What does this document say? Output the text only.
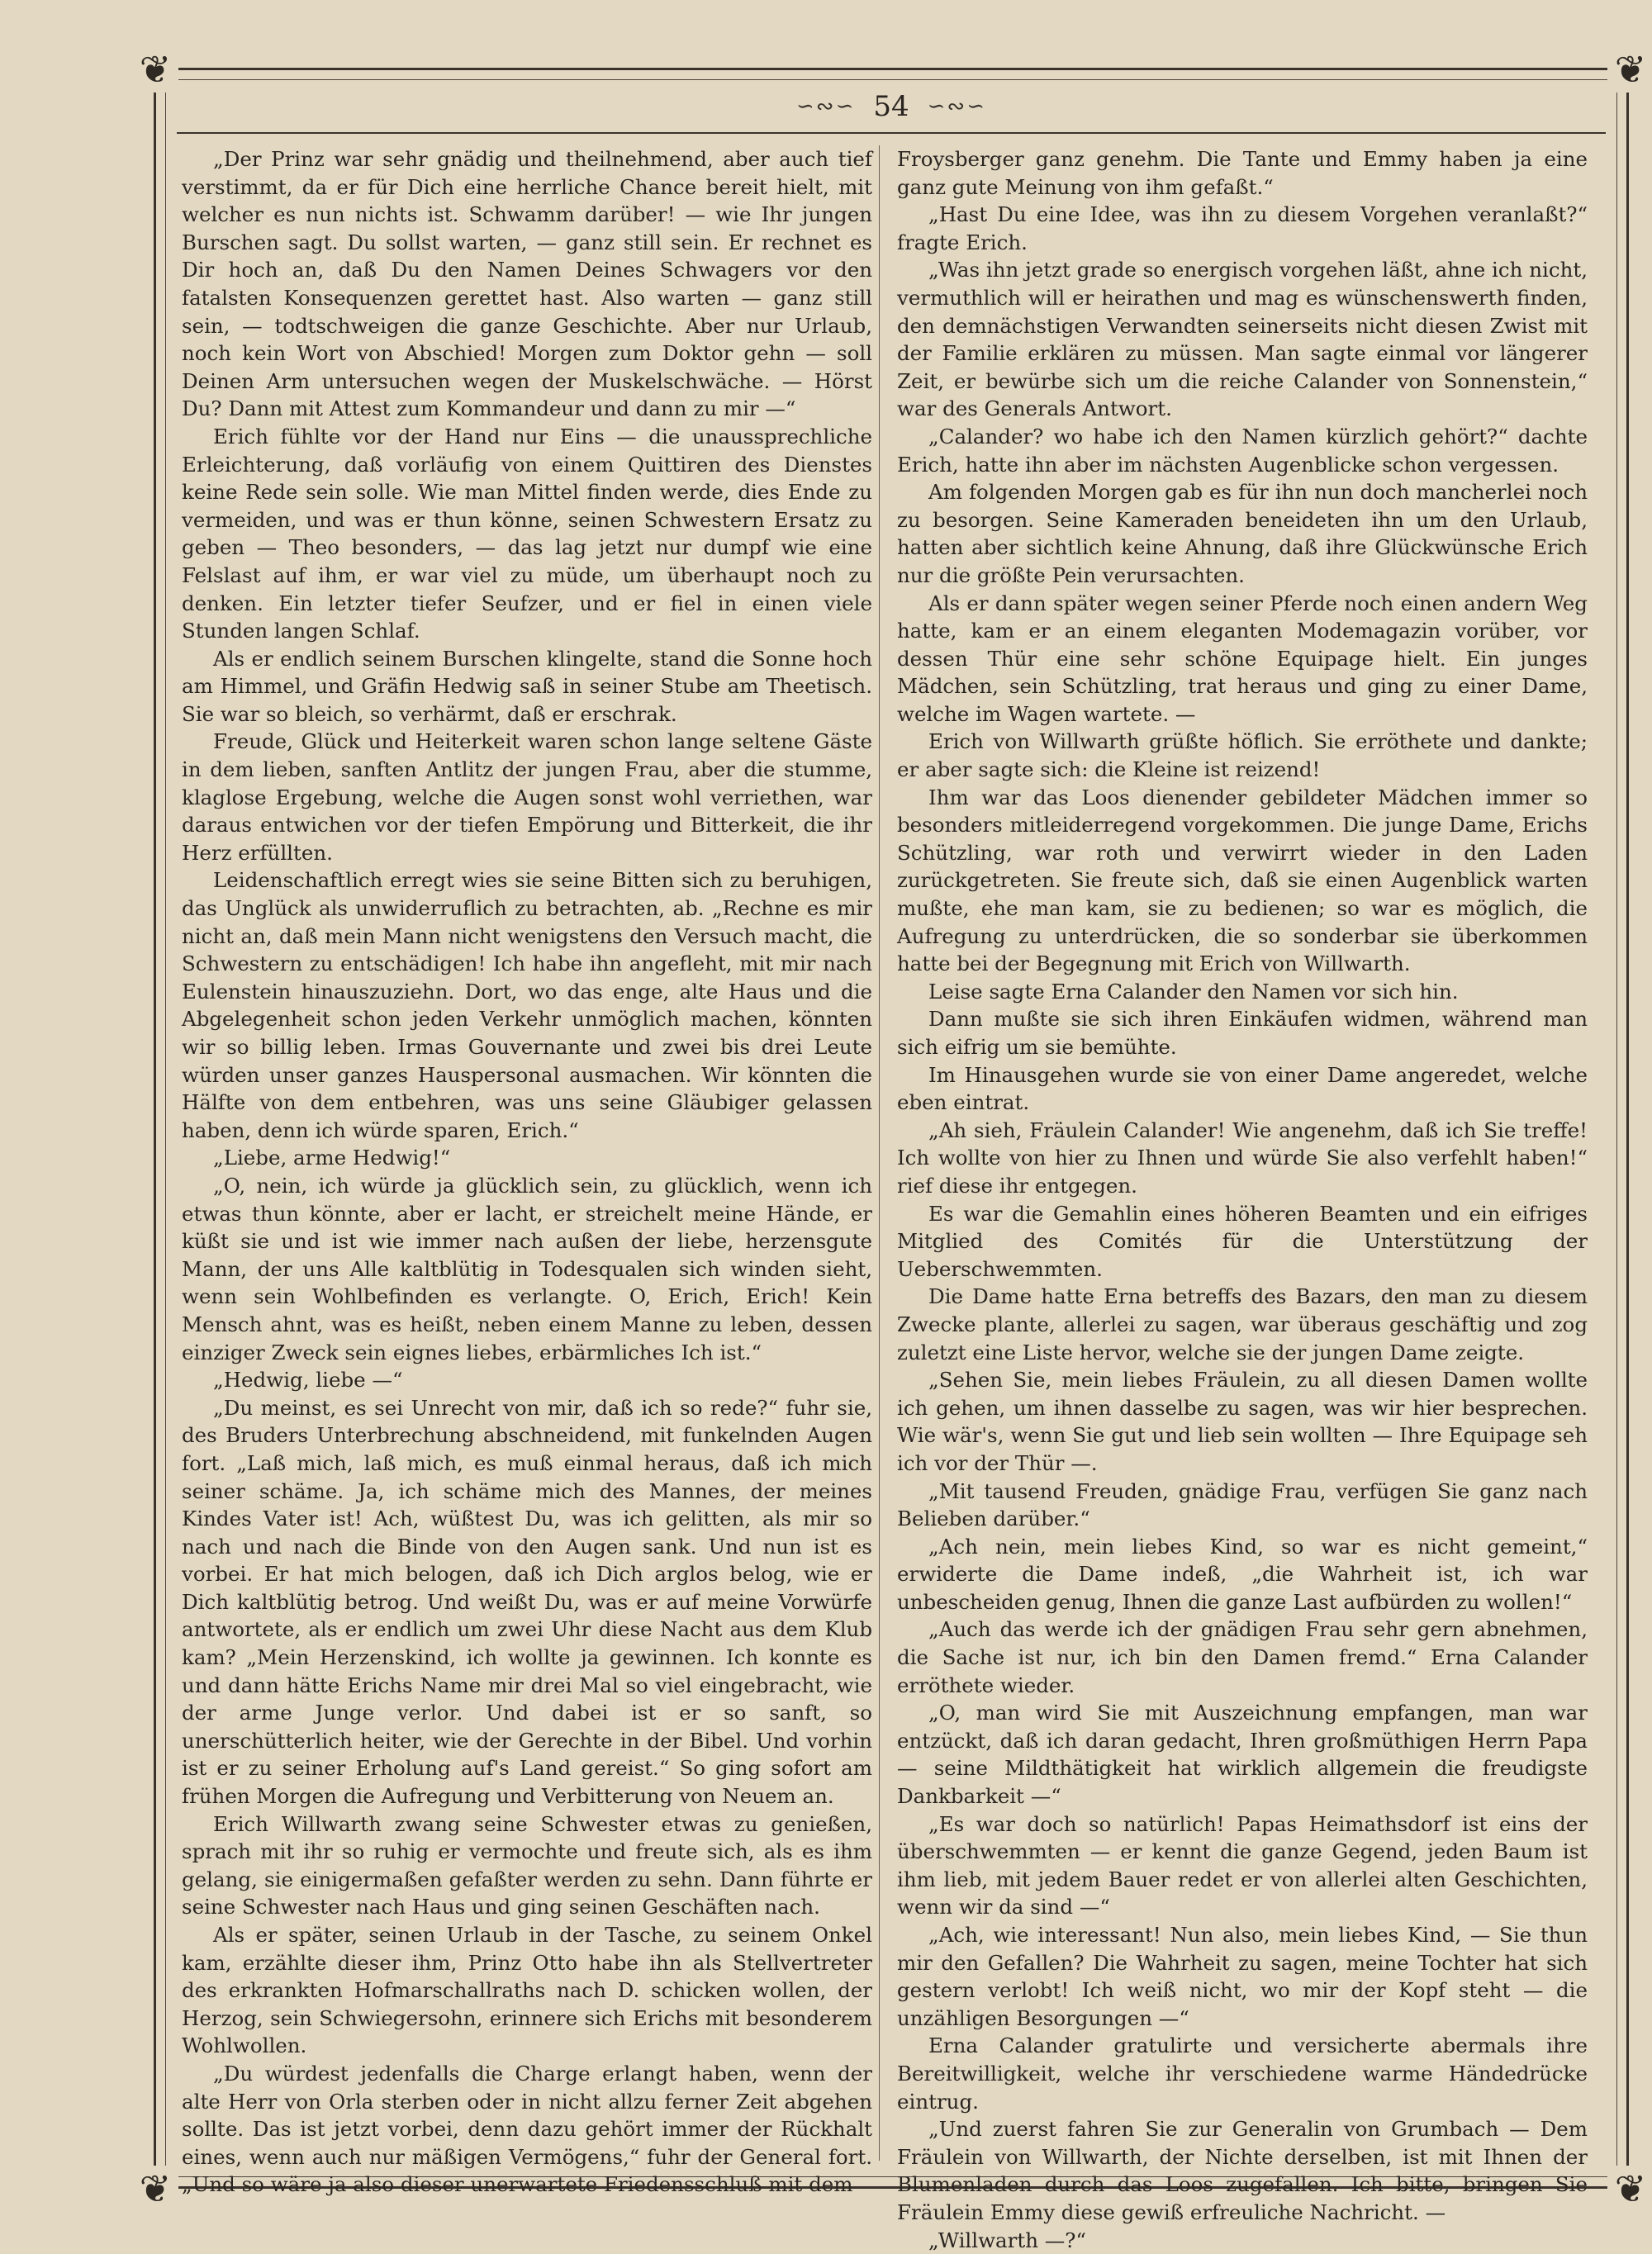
❦	❦
❦	❦
∽∾∽ 54 ∽∾∽

„Der Prinz war sehr gnädig und theilnehmend, aber auch tief verstimmt, da er für Dich eine herrliche Chance bereit hielt, mit welcher es nun nichts ist. Schwamm darüber! — wie Ihr jungen Burschen sagt. Du sollst warten, — ganz still sein. Er rechnet es Dir hoch an, daß Du den Namen Deines Schwagers vor den fatalsten Konsequenzen gerettet hast. Also warten — ganz still sein, — todtschweigen die ganze Geschichte. Aber nur Urlaub, noch kein Wort von Abschied! Morgen zum Doktor gehn — soll Deinen Arm untersuchen wegen der Muskelschwäche. — Hörst Du? Dann mit Attest zum Kommandeur und dann zu mir —“

Erich fühlte vor der Hand nur Eins — die unaussprechliche Erleichterung, daß vorläufig von einem Quittiren des Dienstes keine Rede sein solle. Wie man Mittel finden werde, dies Ende zu vermeiden, und was er thun könne, seinen Schwestern Ersatz zu geben — Theo besonders, — das lag jetzt nur dumpf wie eine Felslast auf ihm, er war viel zu müde, um überhaupt noch zu denken. Ein letzter tiefer Seufzer, und er fiel in einen viele Stunden langen Schlaf.

Als er endlich seinem Burschen klingelte, stand die Sonne hoch am Himmel, und Gräfin Hedwig saß in seiner Stube am Theetisch. Sie war so bleich, so verhärmt, daß er erschrak.

Freude, Glück und Heiterkeit waren schon lange seltene Gäste in dem lieben, sanften Antlitz der jungen Frau, aber die stumme, klaglose Ergebung, welche die Augen sonst wohl verriethen, war daraus entwichen vor der tiefen Empörung und Bitterkeit, die ihr Herz erfüllten.

Leidenschaftlich erregt wies sie seine Bitten sich zu beruhigen, das Unglück als unwiderruflich zu betrachten, ab. „Rechne es mir nicht an, daß mein Mann nicht wenigstens den Versuch macht, die Schwestern zu entschädigen! Ich habe ihn angefleht, mit mir nach Eulenstein hinauszuziehn. Dort, wo das enge, alte Haus und die Abgelegenheit schon jeden Verkehr unmöglich machen, könnten wir so billig leben. Irmas Gouvernante und zwei bis drei Leute würden unser ganzes Hauspersonal ausmachen. Wir könnten die Hälfte von dem entbehren, was uns seine Gläubiger gelassen haben, denn ich würde sparen, Erich.“

„Liebe, arme Hedwig!“

„O, nein, ich würde ja glücklich sein, zu glücklich, wenn ich etwas thun könnte, aber er lacht, er streichelt meine Hände, er küßt sie und ist wie immer nach außen der liebe, herzensgute Mann, der uns Alle kaltblütig in Todesqualen sich winden sieht, wenn sein Wohlbefinden es verlangte. O, Erich, Erich! Kein Mensch ahnt, was es heißt, neben einem Manne zu leben, dessen einziger Zweck sein eignes liebes, erbärmliches Ich ist.“

„Hedwig, liebe —“

„Du meinst, es sei Unrecht von mir, daß ich so rede?“ fuhr sie, des Bruders Unterbrechung abschneidend, mit funkelnden Augen fort. „Laß mich, laß mich, es muß einmal heraus, daß ich mich seiner schäme. Ja, ich schäme mich des Mannes, der meines Kindes Vater ist! Ach, wüßtest Du, was ich gelitten, als mir so nach und nach die Binde von den Augen sank. Und nun ist es vorbei. Er hat mich belogen, daß ich Dich arglos belog, wie er Dich kaltblütig betrog. Und weißt Du, was er auf meine Vorwürfe antwortete, als er endlich um zwei Uhr diese Nacht aus dem Klub kam? „Mein Herzenskind, ich wollte ja gewinnen. Ich konnte es und dann hätte Erichs Name mir drei Mal so viel eingebracht, wie der arme Junge verlor. Und dabei ist er so sanft, so unerschütterlich heiter, wie der Gerechte in der Bibel. Und vorhin ist er zu seiner Erholung auf's Land gereist.“ So ging sofort am frühen Morgen die Aufregung und Verbitterung von Neuem an.

Erich Willwarth zwang seine Schwester etwas zu genießen, sprach mit ihr so ruhig er vermochte und freute sich, als es ihm gelang, sie einigermaßen gefaßter werden zu sehn. Dann führte er seine Schwester nach Haus und ging seinen Geschäften nach.

Als er später, seinen Urlaub in der Tasche, zu seinem Onkel kam, erzählte dieser ihm, Prinz Otto habe ihn als Stellvertreter des erkrankten Hofmarschallraths nach D. schicken wollen, der Herzog, sein Schwiegersohn, erinnere sich Erichs mit besonderem Wohlwollen.

„Du würdest jedenfalls die Charge erlangt haben, wenn der alte Herr von Orla sterben oder in nicht allzu ferner Zeit abgehen sollte. Das ist jetzt vorbei, denn dazu gehört immer der Rückhalt eines, wenn auch nur mäßigen Vermögens,“ fuhr der General fort. „Und so wäre ja also dieser unerwartete Friedensschluß mit dem

Froysberger ganz genehm. Die Tante und Emmy haben ja eine ganz gute Meinung von ihm gefaßt.“

„Hast Du eine Idee, was ihn zu diesem Vorgehen veranlaßt?“ fragte Erich.

„Was ihn jetzt grade so energisch vorgehen läßt, ahne ich nicht, vermuthlich will er heirathen und mag es wünschenswerth finden, den demnächstigen Verwandten seinerseits nicht diesen Zwist mit der Familie erklären zu müssen. Man sagte einmal vor längerer Zeit, er bewürbe sich um die reiche Calander von Sonnenstein,“ war des Generals Antwort.

„Calander? wo habe ich den Namen kürzlich gehört?“ dachte Erich, hatte ihn aber im nächsten Augenblicke schon vergessen.

Am folgenden Morgen gab es für ihn nun doch mancherlei noch zu besorgen. Seine Kameraden beneideten ihn um den Urlaub, hatten aber sichtlich keine Ahnung, daß ihre Glückwünsche Erich nur die größte Pein verursachten.

Als er dann später wegen seiner Pferde noch einen andern Weg hatte, kam er an einem eleganten Modemagazin vorüber, vor dessen Thür eine sehr schöne Equipage hielt. Ein junges Mädchen, sein Schützling, trat heraus und ging zu einer Dame, welche im Wagen wartete. —

Erich von Willwarth grüßte höflich. Sie erröthete und dankte; er aber sagte sich: die Kleine ist reizend!

Ihm war das Loos dienender gebildeter Mädchen immer so besonders mitleiderregend vorgekommen. Die junge Dame, Erichs Schützling, war roth und verwirrt wieder in den Laden zurückgetreten. Sie freute sich, daß sie einen Augenblick warten mußte, ehe man kam, sie zu bedienen; so war es möglich, die Aufregung zu unterdrücken, die so sonderbar sie überkommen hatte bei der Begegnung mit Erich von Willwarth.

Leise sagte Erna Calander den Namen vor sich hin.

Dann mußte sie sich ihren Einkäufen widmen, während man sich eifrig um sie bemühte.

Im Hinausgehen wurde sie von einer Dame angeredet, welche eben eintrat.

„Ah sieh, Fräulein Calander! Wie angenehm, daß ich Sie treffe! Ich wollte von hier zu Ihnen und würde Sie also verfehlt haben!“ rief diese ihr entgegen.

Es war die Gemahlin eines höheren Beamten und ein eifriges Mitglied des Comités für die Unterstützung der Ueberschwemmten.

Die Dame hatte Erna betreffs des Bazars, den man zu diesem Zwecke plante, allerlei zu sagen, war überaus geschäftig und zog zuletzt eine Liste hervor, welche sie der jungen Dame zeigte.

„Sehen Sie, mein liebes Fräulein, zu all diesen Damen wollte ich gehen, um ihnen dasselbe zu sagen, was wir hier besprechen. Wie wär's, wenn Sie gut und lieb sein wollten — Ihre Equipage seh ich vor der Thür —.

„Mit tausend Freuden, gnädige Frau, verfügen Sie ganz nach Belieben darüber.“

„Ach nein, mein liebes Kind, so war es nicht gemeint,“ erwiderte die Dame indeß, „die Wahrheit ist, ich war unbescheiden genug, Ihnen die ganze Last aufbürden zu wollen!“

„Auch das werde ich der gnädigen Frau sehr gern abnehmen, die Sache ist nur, ich bin den Damen fremd.“ Erna Calander erröthete wieder.

„O, man wird Sie mit Auszeichnung empfangen, man war entzückt, daß ich daran gedacht, Ihren großmüthigen Herrn Papa — seine Mildthätigkeit hat wirklich allgemein die freudigste Dankbarkeit —“

„Es war doch so natürlich! Papas Heimathsdorf ist eins der überschwemmten — er kennt die ganze Gegend, jeden Baum ist ihm lieb, mit jedem Bauer redet er von allerlei alten Geschichten, wenn wir da sind —“

„Ach, wie interessant! Nun also, mein liebes Kind, — Sie thun mir den Gefallen? Die Wahrheit zu sagen, meine Tochter hat sich gestern verlobt! Ich weiß nicht, wo mir der Kopf steht — die unzähligen Besorgungen —“

Erna Calander gratulirte und versicherte abermals ihre Bereitwilligkeit, welche ihr verschiedene warme Händedrücke eintrug.

„Und zuerst fahren Sie zur Generalin von Grumbach — Dem Fräulein von Willwarth, der Nichte derselben, ist mit Ihnen der Blumenladen durch das Loos zugefallen. Ich bitte, bringen Sie Fräulein Emmy diese gewiß erfreuliche Nachricht. —

„Willwarth —?“
